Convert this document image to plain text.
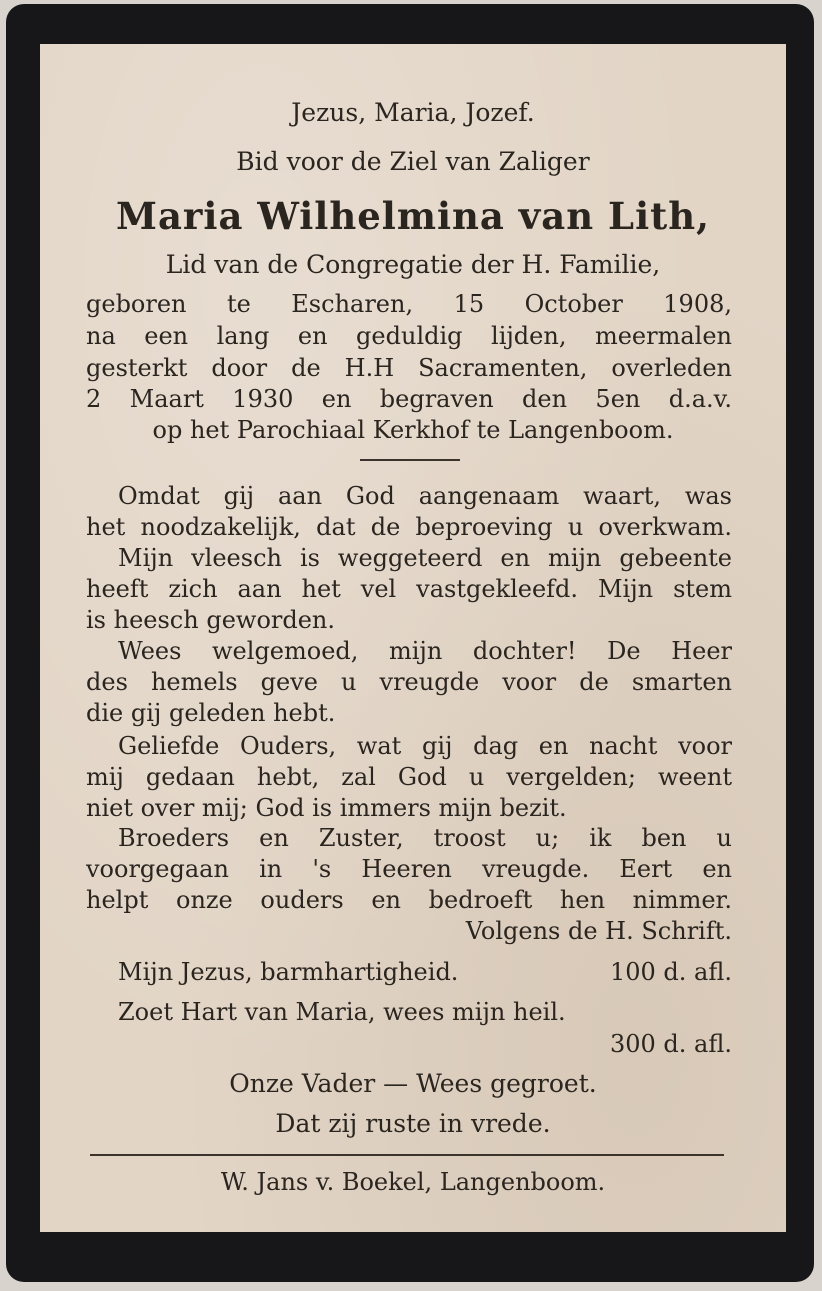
Jezus, Maria, Jozef.
Bid voor de Ziel van Zaliger
Maria Wilhelmina van Lith,
Lid van de Congregatie der H. Familie,
geboren te Escharen, 15 October 1908,
na een lang en geduldig lijden, meermalen
gesterkt door de H.H Sacramenten, overleden
2 Maart 1930 en begraven den 5en d.a.v.
op het Parochiaal Kerkhof te Langenboom.
Omdat gij aan God aangenaam waart, was
het noodzakelijk, dat de beproeving u overkwam.
Mijn vleesch is weggeteerd en mijn gebeente
heeft zich aan het vel vastgekleefd. Mijn stem
is heesch geworden.
Wees welgemoed, mijn dochter! De Heer
des hemels geve u vreugde voor de smarten
die gij geleden hebt.
Geliefde Ouders, wat gij dag en nacht voor
mij gedaan hebt, zal God u vergelden; weent
niet over mij; God is immers mijn bezit.
Broeders en Zuster, troost u; ik ben u
voorgegaan in 's Heeren vreugde. Eert en
helpt onze ouders en bedroeft hen nimmer.
Volgens de H. Schrift.
Mijn Jezus, barmhartigheid.	100 d. afl.
Zoet Hart van Maria, wees mijn heil.
300 d. afl.
Onze Vader — Wees gegroet.
Dat zij ruste in vrede.
W. Jans v. Boekel, Langenboom.
